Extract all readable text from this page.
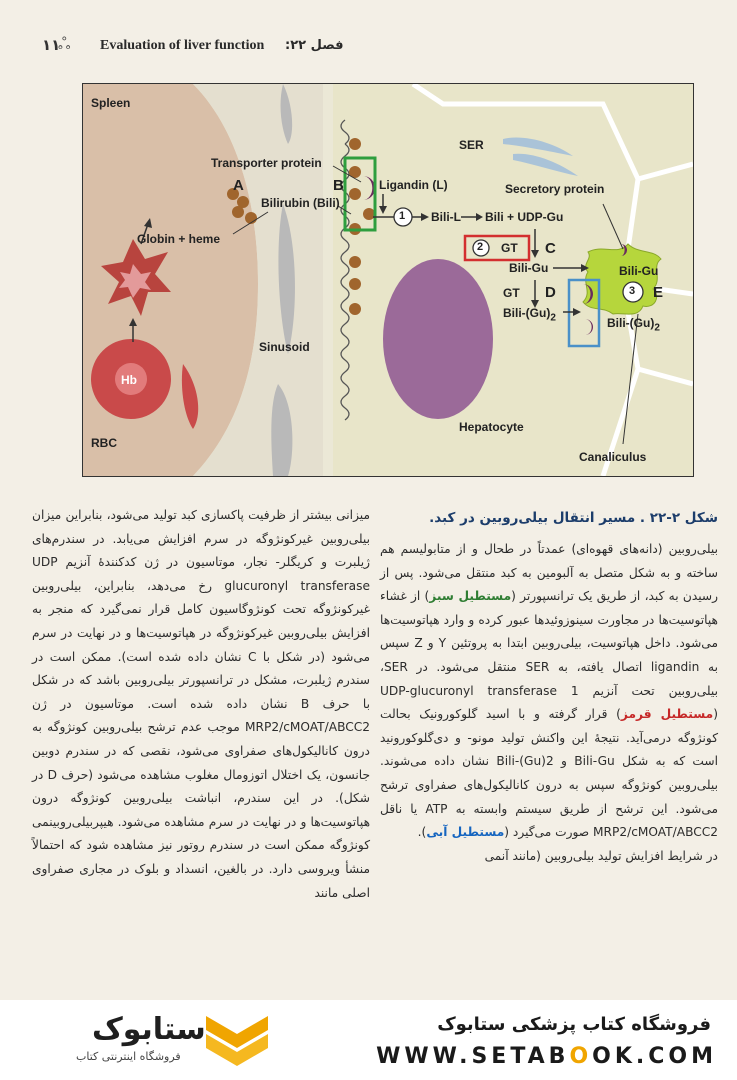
۱۱
ஃ Evaluation of liver function فصل ۲۲:
Spleen
Transporter protein
A	B	Ligandin (L)
Bilirubin (Bili)
Globin + heme
SER
Secretory protein
1 Bili-L Bili + UDP-Gu
2 GT C
Bili-Gu	Bili-Gu
GT D	3 E
Bili-$(Gu)_2$	Bili-$(Gu)_2$
Hb
Sinusoid
RBC
Hepatocyte
Canaliculus
شکل ۲-۲۲ . مسیر انتقال بیلی‌روبین در کبد.

بیلی‌روبین (دانه‌های قهوه‌ای) عمدتاً در طحال و از متابولیسم هم ساخته و به شکل متصل به آلبومین به کبد منتقل می‌شود. پس از رسیدن به کبد، از طریق یک ترانسپورتر (مستطیل سبز) از غشاء هپاتوسیت‌ها در مجاورت سینوزوئیدها عبور کرده و وارد هپاتوسیت‌ها می‌شود. داخل هپاتوسیت، بیلی‌روبین ابتدا به پروتئین Y و Z سپس به ligandin اتصال یافته، به SER منتقل می‌شود. در SER، بیلی‌روبین تحت آنزیم UDP-glucuronyl transferase 1 (مستطیل قرمز) قرار گرفته و با اسید گلوکورونیک بحالت کونژوگه درمی‌آید. نتیجهٔ این واکنش تولید مونو- و دی‌گلوکورونید است که به شکل Bili-Gu و Bili-(Gu)2 نشان داده می‌شوند. بیلی‌روبین کونژوگه سپس به درون کانالیکول‌های صفراوی ترشح می‌شود. این ترشح از طریق سیستم وابسته به ATP یا ناقل MRP2/cMOAT/ABCC2 صورت می‌گیرد (مستطیل آبی).

در شرایط افزایش تولید بیلی‌روبین (مانند آنمی

میزانی بیشتر از ظرفیت پاکسازی کبد تولید می‌شود، بنابراین میزان بیلی‌روبین غیرکونژوگه در سرم افزایش می‌یابد. در سندرم‌های ژیلبرت و کریگلر- نجار، موتاسیون در ژن کدکنندهٔ آنزیم UDP glucuronyl transferase رخ می‌دهد، بنابراین، بیلی‌روبین غیرکونژوگه تحت کونژوگاسیون کامل قرار نمی‌گیرد که منجر به افزایش بیلی‌روبین غیرکونژوگه در هپاتوسیت‌ها و در نهایت در سرم می‌شود (در شکل با C نشان داده شده است). ممکن است در سندرم ژیلبرت، مشکل در ترانسپورتر بیلی‌روبین باشد که در شکل با حرف B نشان داده شده است. موتاسیون در ژن MRP2/cMOAT/ABCC2 موجب عدم ترشح بیلی‌روبین کونژوگه به درون کانالیکول‌های صفراوی می‌شود، نقصی که در سندرم دوبین جانسون، یک اختلال اتوزومال مغلوب مشاهده می‌شود (حرف D در شکل). در این سندرم، انباشت بیلی‌روبین کونژوگه درون هپاتوسیت‌ها و در نهایت در سرم مشاهده می‌شود. هیپربیلی‌روبینمی کونژوگه ممکن است در سندرم روتور نیز مشاهده شود که احتمالاً منشأ ویروسی دارد. در بالغین، انسداد و بلوک در مجاری صفراوی اصلی مانند

ستابوک
فروشگاه اینترنتی کتاب
فروشگاه کتاب پزشکی ستابوک
WWW.SETABOOK.COM
